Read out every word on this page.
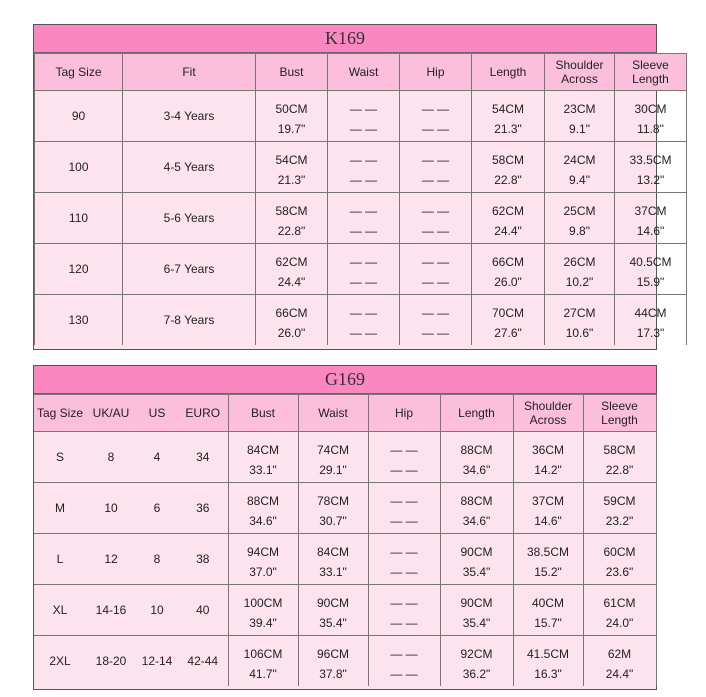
K169
Tag Size	Fit	Bust	Waist	Hip	Length	Shoulder Across	Sleeve Length
90	3-4 Years	50CM	— —	— —	54CM	23CM	30CM
		19.7"	— —	— —	21.3"	9.1"	11.8"
100	4-5 Years	54CM	— —	— —	58CM	24CM	33.5CM
		21.3"	— —	— —	22.8"	9.4"	13.2"
110	5-6 Years	58CM	— —	— —	62CM	25CM	37CM
		22.8"	— —	— —	24.4"	9.8"	14.6"
120	6-7 Years	62CM	— —	— —	66CM	26CM	40.5CM
		24.4"	— —	— —	26.0"	10.2"	15.9"
130	7-8 Years	66CM	— —	— —	70CM	27CM	44CM
		26.0"	— —	— —	27.6"	10.6"	17.3"
G169
Tag Size	UK/AU	US	EURO	Bust	Waist	Hip	Length	Shoulder Across	Sleeve Length
S	8	4	34	84CM	74CM	— —	88CM	36CM	58CM
				33.1"	29.1"	— —	34.6"	14.2"	22.8"
M	10	6	36	88CM	78CM	— —	88CM	37CM	59CM
				34.6"	30.7"	— —	34.6"	14.6"	23.2"
L	12	8	38	94CM	84CM	— —	90CM	38.5CM	60CM
				37.0"	33.1"	— —	35.4"	15.2"	23.6"
XL	14-16	10	40	100CM	90CM	— —	90CM	40CM	61CM
				39.4"	35.4"	— —	35.4"	15.7"	24.0"
2XL	18-20	12-14	42-44	106CM	96CM	— —	92CM	41.5CM	62M
				41.7"	37.8"	— —	36.2"	16.3"	24.4"
